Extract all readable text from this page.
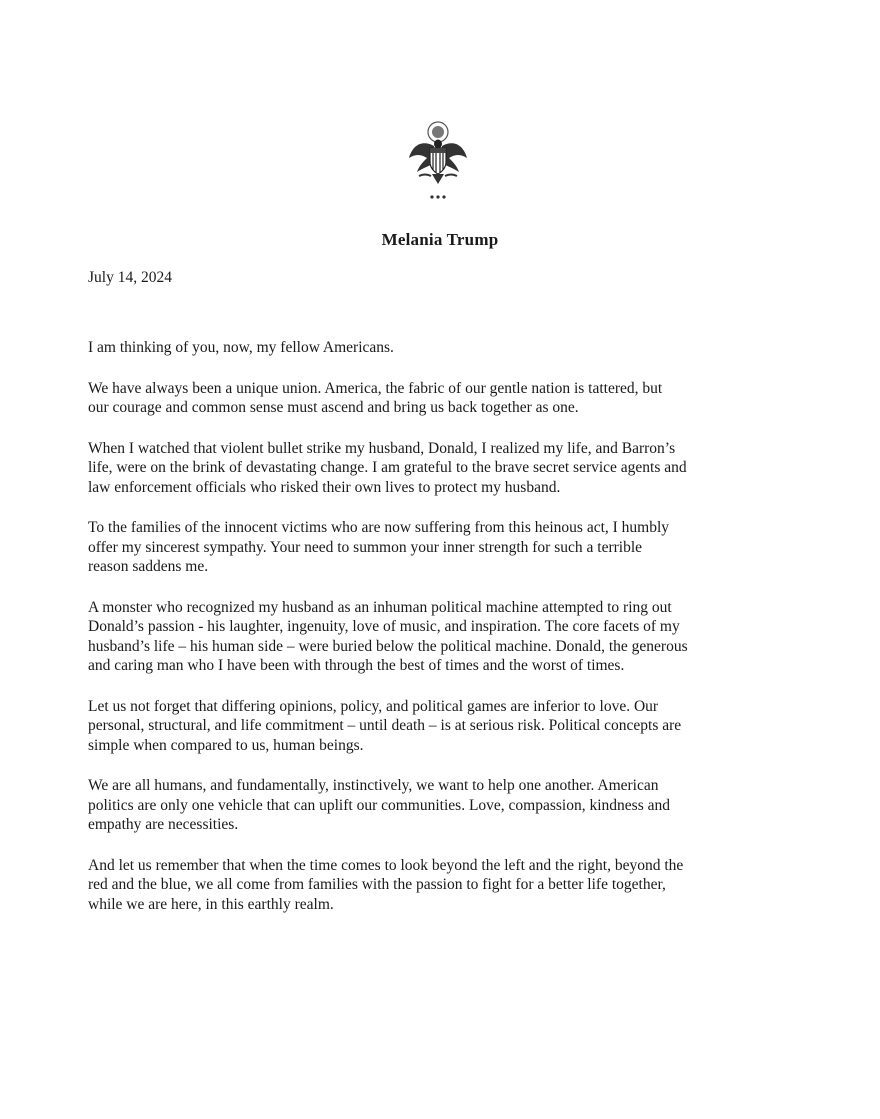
Melania Trump
July 14, 2024

I am thinking of you, now, my fellow Americans.

We have always been a unique union. America, the fabric of our gentle nation is tattered, but
our courage and common sense must ascend and bring us back together as one.

When I watched that violent bullet strike my husband, Donald, I realized my life, and Barron’s
life, were on the brink of devastating change. I am grateful to the brave secret service agents and
law enforcement officials who risked their own lives to protect my husband.

To the families of the innocent victims who are now suffering from this heinous act, I humbly
offer my sincerest sympathy. Your need to summon your inner strength for such a terrible
reason saddens me.

A monster who recognized my husband as an inhuman political machine attempted to ring out
Donald’s passion - his laughter, ingenuity, love of music, and inspiration. The core facets of my
husband’s life – his human side – were buried below the political machine. Donald, the generous
and caring man who I have been with through the best of times and the worst of times.

Let us not forget that differing opinions, policy, and political games are inferior to love. Our
personal, structural, and life commitment – until death – is at serious risk. Political concepts are
simple when compared to us, human beings.

We are all humans, and fundamentally, instinctively, we want to help one another. American
politics are only one vehicle that can uplift our communities. Love, compassion, kindness and
empathy are necessities.

And let us remember that when the time comes to look beyond the left and the right, beyond the
red and the blue, we all come from families with the passion to fight for a better life together,
while we are here, in this earthly realm.
